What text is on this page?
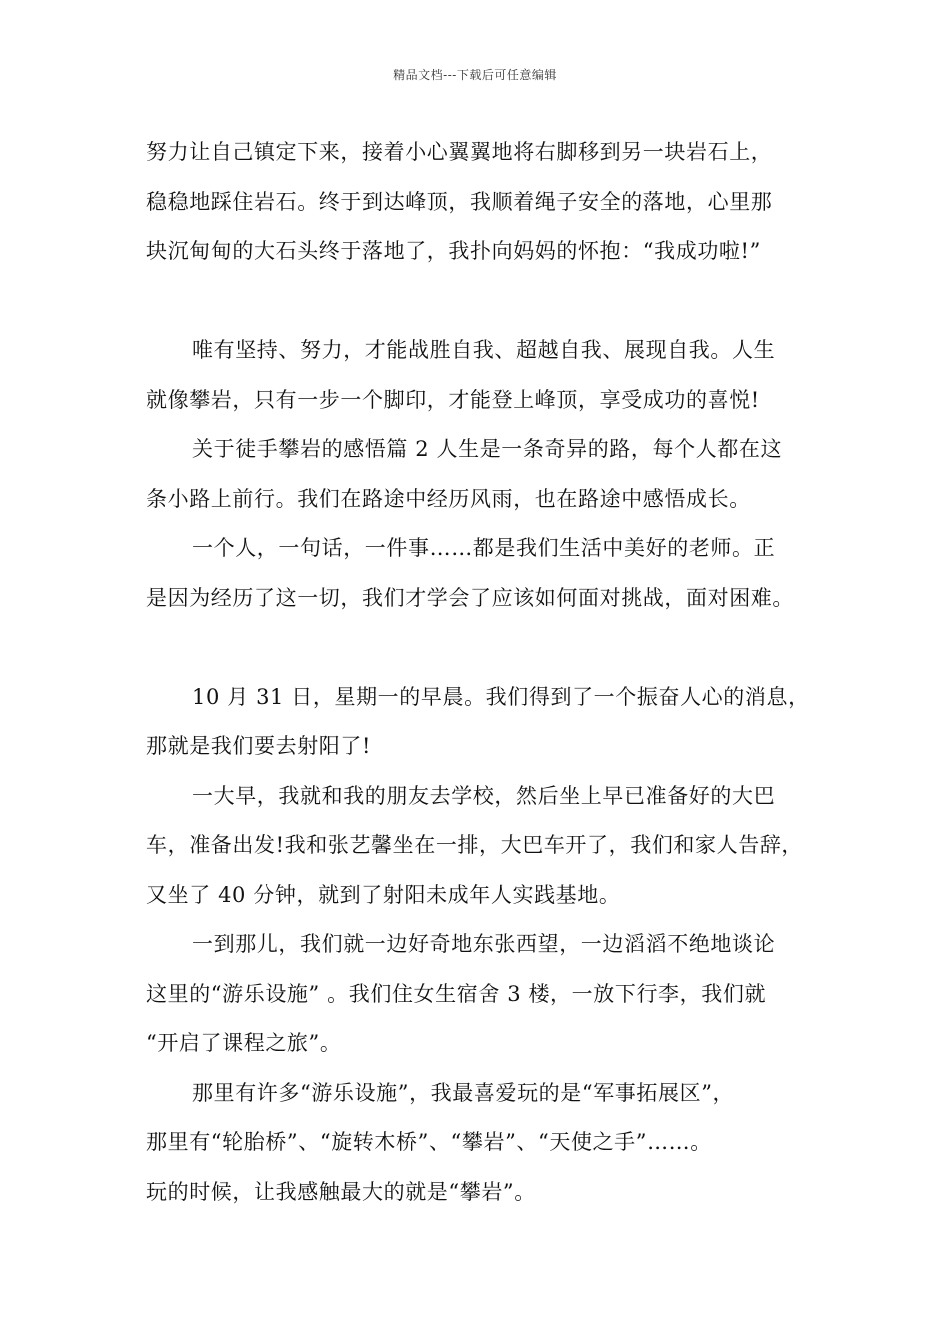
精品文档---下载后可任意编辑
努力让自己镇定下来，接着小心翼翼地将右脚移到另一块岩石上，
稳稳地踩住岩石。终于到达峰顶，我顺着绳子安全的落地，心里那
块沉甸甸的大石头终于落地了，我扑向妈妈的怀抱：“我成功啦!”
唯有坚持、努力，才能战胜自我、超越自我、展现自我。人生
就像攀岩，只有一步一个脚印，才能登上峰顶，享受成功的喜悦!
关于徒手攀岩的感悟篇 2 人生是一条奇异的路，每个人都在这
条小路上前行。我们在路途中经历风雨，也在路途中感悟成长。
一个人，一句话，一件事……都是我们生活中美好的老师。正
是因为经历了这一切，我们才学会了应该如何面对挑战，面对困难。
10 月 31 日，星期一的早晨。我们得到了一个振奋人心的消息，
那就是我们要去射阳了!
一大早，我就和我的朋友去学校，然后坐上早已准备好的大巴
车，准备出发!我和张艺馨坐在一排，大巴车开了，我们和家人告辞，
又坐了 40 分钟，就到了射阳未成年人实践基地。
一到那儿，我们就一边好奇地东张西望，一边滔滔不绝地谈论
这里的“游乐设施” 。我们住女生宿舍 3 楼，一放下行李，我们就
“开启了课程之旅”。
那里有许多“游乐设施”，我最喜爱玩的是“军事拓展区”，
那里有“轮胎桥”、“旋转木桥”、“攀岩”、“天使之手”……。
玩的时候，让我感触最大的就是“攀岩”。
